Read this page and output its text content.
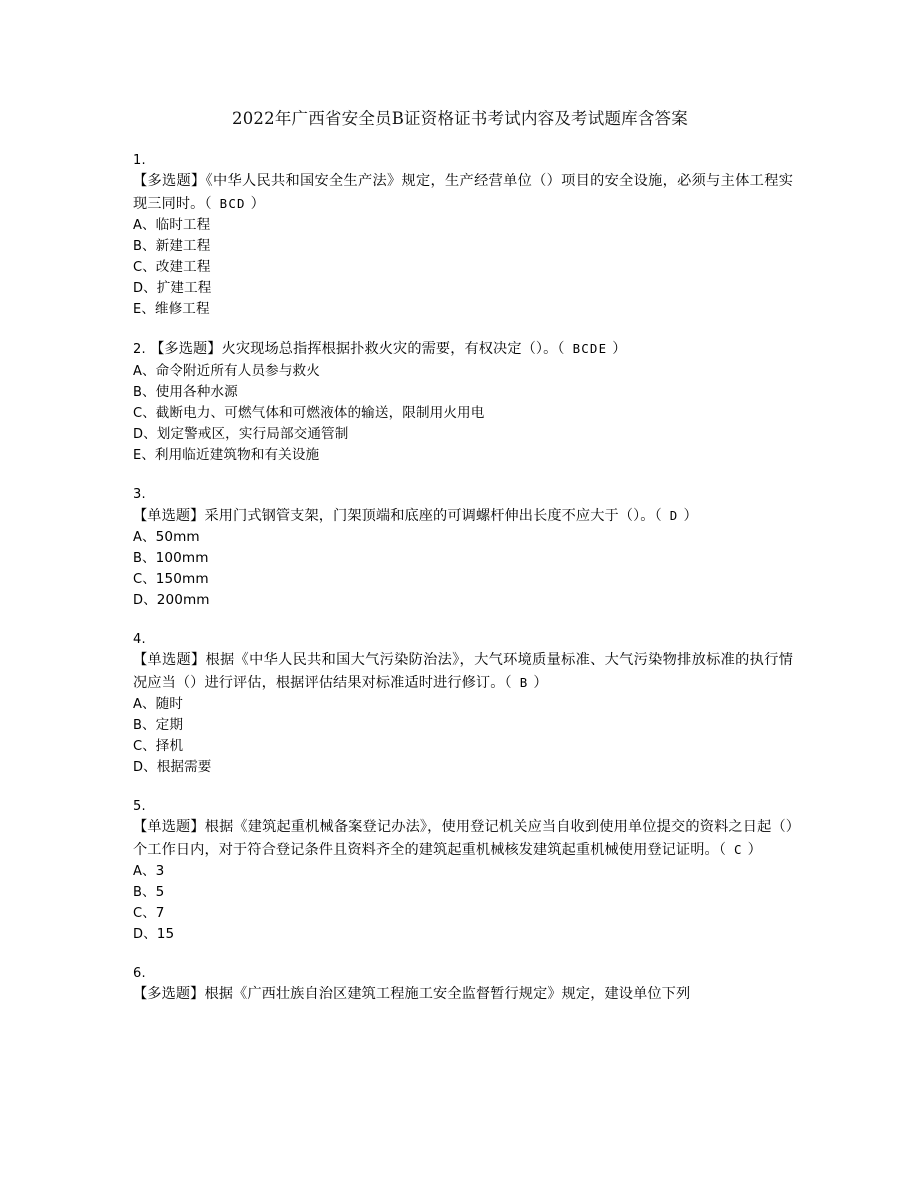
2022年广西省安全员B证资格证书考试内容及考试题库含答案
1.
【多选题】《中华人民共和国安全生产法》规定，生产经营单位（）项目的安全设施，必须与主体工程实现三同时。（ BCD ）
A、临时工程
B、新建工程
C、改建工程
D、扩建工程
E、维修工程
2. 【多选题】火灾现场总指挥根据扑救火灾的需要，有权决定（）。（ BCDE ）
A、命令附近所有人员参与救火
B、使用各种水源
C、截断电力、可燃气体和可燃液体的输送，限制用火用电
D、划定警戒区，实行局部交通管制
E、利用临近建筑物和有关设施
3.
【单选题】采用门式钢管支架，门架顶端和底座的可调螺杆伸出长度不应大于（）。（ D ）
A、50mm
B、100mm
C、150mm
D、200mm
4.
【单选题】根据《中华人民共和国大气污染防治法》，大气环境质量标准、大气污染物排放标准的执行情况应当（）进行评估，根据评估结果对标准适时进行修订。（ B ）
A、随时
B、定期
C、择机
D、根据需要
5.
【单选题】根据《建筑起重机械备案登记办法》，使用登记机关应当自收到使用单位提交的资料之日起（）个工作日内，对于符合登记条件且资料齐全的建筑起重机械核发建筑起重机械使用登记证明。（ C ）
A、3
B、5
C、7
D、15
6.
【多选题】根据《广西壮族自治区建筑工程施工安全监督暂行规定》规定，建设单位下列
